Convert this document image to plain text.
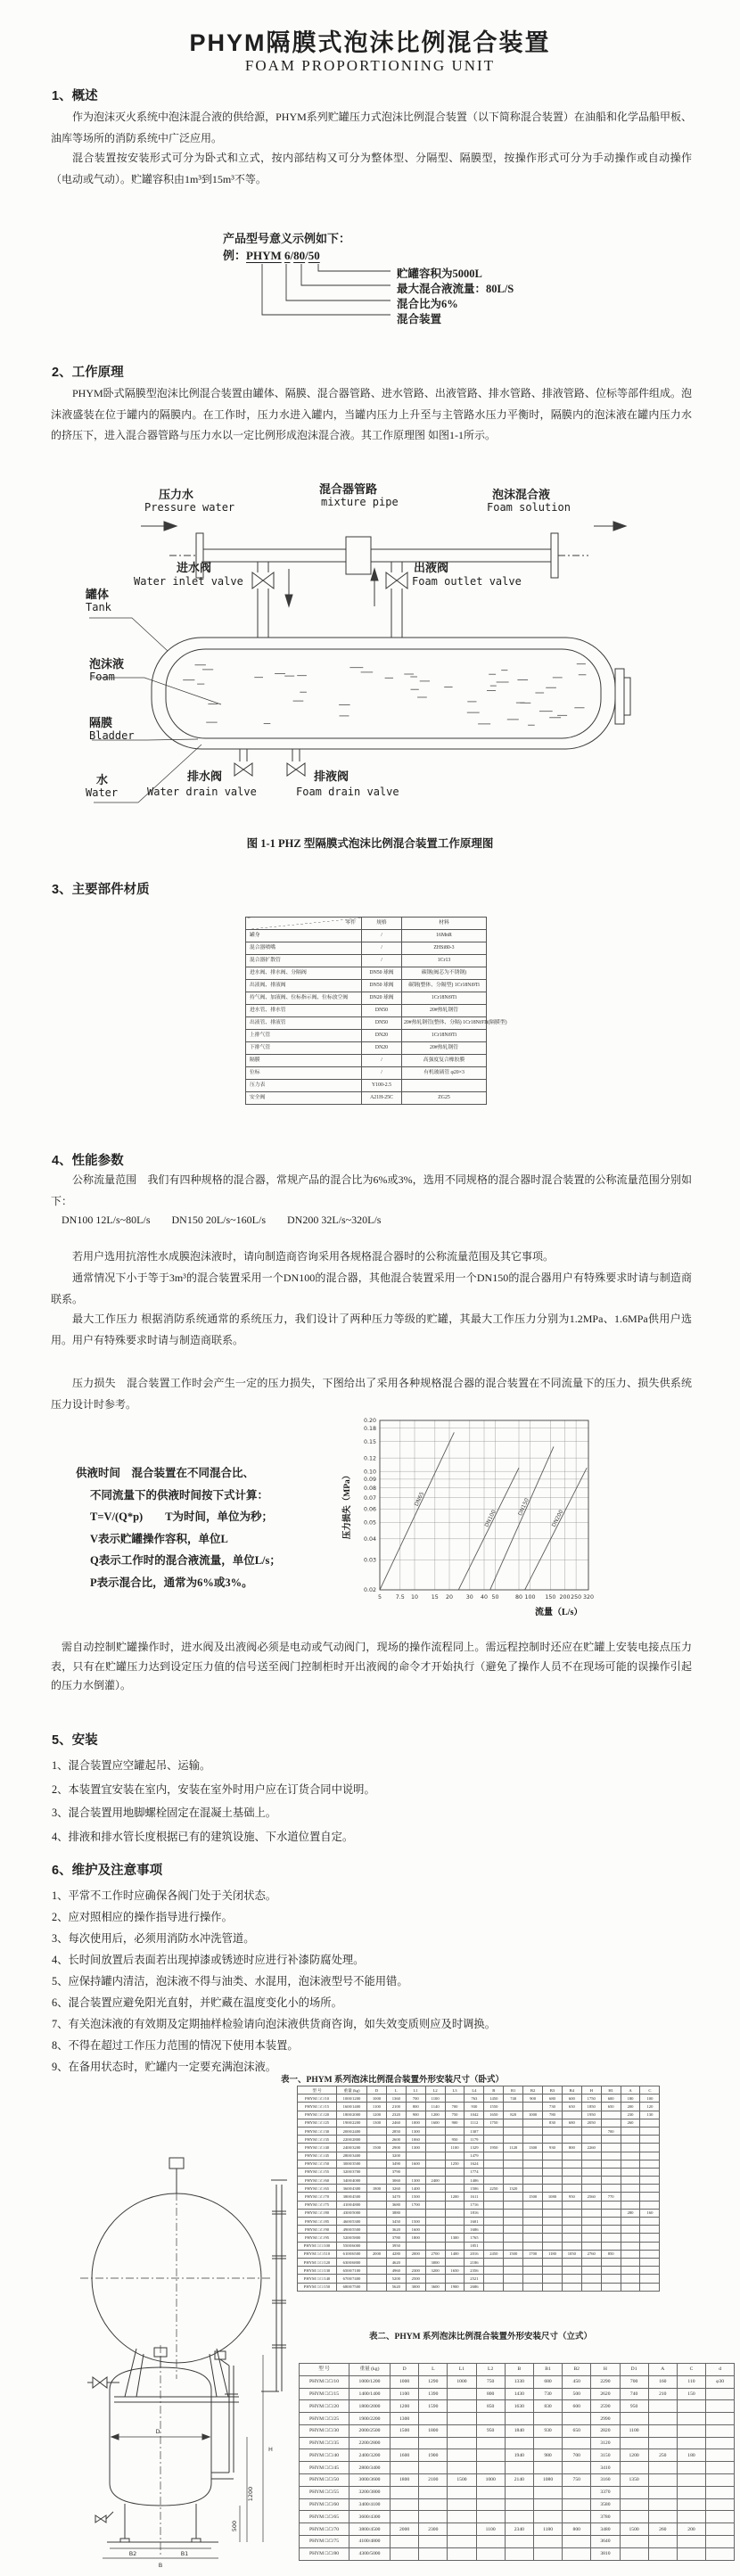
PHYM隔膜式泡沫比例混合装置
FOAM PROPORTIONING UNIT
1、概述
作为泡沫灭火系统中泡沫混合液的供给源，PHYM系列贮罐压力式泡沫比例混合装置（以下简称混合装置）在油船和化学品船甲板、油库等场所的消防系统中广泛应用。
混合装置按安装形式可分为卧式和立式，按内部结构又可分为整体型、分隔型、隔膜型，按操作形式可分为手动操作或自动操作（电动或气动）。贮罐容积由1m³到15m³不等。
产品型号意义示例如下：
例：PHYM 6/80/50
贮罐容积为5000L
最大混合液流量：80L/S
混合比为6%
混合装置
2、工作原理
PHYM卧式隔膜型泡沫比例混合装置由罐体、隔膜、混合器管路、进水管路、出液管路、排水管路、排液管路、位标等部件组成。泡沫液盛装在位于罐内的隔膜内。在工作时，压力水进入罐内，当罐内压力上升至与主管路水压力平衡时，隔膜内的泡沫液在罐内压力水的挤压下，进入混合器管路与压力水以一定比例形成泡沫混合液。其工作原理图 如图1-1所示。
压力水
Pressure water
混合器管路
mixture pipe
泡沫混合液
Foam solution
进水阀
Water inlet valve
出液阀
Foam outlet valve
罐体
Tank
泡沫液
Foam
隔膜
Bladder
水
Water
排水阀
Water drain valve
排液阀
Foam drain valve
图 1-1 PHZ 型隔膜式泡沫比例混合装置工作原理图
3、主要部件材质
零件	规格	材料
罐身	/	16MnR
混合器喷嘴	/	ZHSi80-3
混合器扩散管	/	1Cr13
进水阀、排水阀、分隔阀	DN50 球阀	碳钢(阀芯为不锈钢)
出液阀、排液阀	DN50 球阀	碳钢(整体、分隔型) 1Cr18Ni9Ti
持气阀、加液阀、位标指示阀、位标放空阀	DN20 球阀	1Cr18Ni9Ti
进水管、排水管	DN50	20#热轧钢管
出液管、排液管	DN50	20#热轧钢管(整体、分隔) 1Cr18Ni9Ti(隔膜型)
上排气管	DN20	1Cr18Ni9Ti
下排气管	DN20	20#热轧钢管
隔膜	/	高强度复合橡胶膜
位标	/	有机玻璃管 φ20×3
压力表	Y100-2.5	
安全阀	A21H-25C	ZG25
4、性能参数
公称流量范围　我们有四种规格的混合器，常规产品的混合比为6%或3%，选用不同规格的混合器时混合装置的公称流量范围分别如下：
DN100 12L/s~80L/s　　DN150 20L/s~160L/s　　DN200 32L/s~320L/s
若用户选用抗溶性水成膜泡沫液时，请向制造商咨询采用各规格混合器时的公称流量范围及其它事项。
通常情况下小于等于3m³的混合装置采用一个DN100的混合器，其他混合装置采用一个DN150的混合器用户有特殊要求时请与制造商联系。
最大工作压力 根据消防系统通常的系统压力，我们设计了两种压力等级的贮罐，其最大工作压力分别为1.2MPa、1.6MPa供用户选用。用户有特殊要求时请与制造商联系。
压力损失　混合装置工作时会产生一定的压力损失，下图给出了采用各种规格混合器的混合装置在不同流量下的压力、损失供系统压力设计时参考。
供液时间　混合装置在不同混合比、
不同流量下的供液时间按下式计算：
T=V/(Q*p)　　T为时间，单位为秒；
V表示贮罐操作容积，单位L
Q表示工作时的混合液流量，单位L/s；
P表示混合比，通常为6%或3%。
5	7.5 10 15 20 30 40 50	80 100 150 200 250 320
0.02
0.03
0.04
0.05
0.06
0.07
0.08
0.09
0.10
0.12
0.15
0.18
0.20
DN65
DN100
DN150
DN200
流量（L/s）
压力损失（MPa）
需自动控制贮罐操作时，进水阀及出液阀必须是电动或气动阀门，现场的操作流程同上。需远程控制时还应在贮罐上安装电接点压力表，只有在贮罐压力达到设定压力值的信号送至阀门控制柜时开出液阀的命令才开始执行（避免了操作人员不在现场可能的误操作引起的压力水倒灌）。
5、安装
1、混合装置应空罐起吊、运输。
2、本装置宜安装在室内，安装在室外时用户应在订货合同中说明。
3、混合装置用地脚螺栓固定在混凝土基础上。
4、排液和排水管长度根据已有的建筑设施、下水道位置自定。
6、维护及注意事项
1、平常不工作时应确保各阀门处于关闭状态。
2、应对照相应的操作指导进行操作。
3、每次使用后，必须用消防水冲洗管道。
4、长时间放置后表面若出现掉漆或锈迹时应进行补漆防腐处理。
5、应保持罐内清洁，泡沫液不得与油类、水混用，泡沫液型号不能用错。
6、混合装置应避免阳光直射，并贮藏在温度变化小的场所。
7、有关泡沫液的有效期及定期抽样检验请向泡沫液供货商咨询，如失效变质则应及时调换。
8、不得在超过工作压力范围的情况下使用本装置。
9、在备用状态时，贮罐内一定要充满泡沫液。
表一、PHYM 系列泡沫比例混合装置外形安装尺寸（卧式）
型 号	重量 (kg)	D	L	L1	L2	L3	L4	B	B1	B2	B3	B4	H	H1	A	C
PHYM □/□/10	1000/1200	1000	1360	700	1100		763	1450	740	900	680	600	1750	600	180	100
PHYM □/□/15	1600/1400	1100	2100	800	1140	700	930	1550			730	650	1850	650	200	120
PHYM □/□/20	1800/2000	1200	2320	900	1200	750	1042	1650	820	1000	780		1950		230	130
PHYM □/□/25	1900/2200	1300	2460	1000	1600	900	1112	1750			830	680	2050		260	
PHYM □/□/30	2000/2400		2850	1300			1307							700		
PHYM □/□/35	2200/2800		2600	1060		950	1179									
PHYM □/□/40	2400/3200	1500	2900	1300		1100	1329	1950	1120	1300	930	800	2260			
PHYM □/□/45	2800/3400		3200				1479									
PHYM □/□/50	3000/3500		3490	1600		1250	1624									
PHYM □/□/55	3200/3700		3790				1774									
PHYM □/□/60	3400/4000		3060	1300	2400		1406									
PHYM □/□/65	3600/4300	1800	3260	1400			1506	2250	1320							
PHYM □/□/70	3800/4500		3470	1500		1200	1611			1500	1080	950	2560	770		
PHYM □/□/75	4100/4800		3680	1700			1716									
PHYM □/□/80	4300/5000		3880				1816								280	160
PHYM □/□/85	4600/5300		3450	1500			1601									
PHYM □/□/90	4900/5500		3620	1600			1686									
PHYM □/□/95	5200/5800		3780	1800		1300	1765									
PHYM □/□/100	5500/6000		3950				1851									
PHYM □/□/110	6100/6500	2000	4280	2000	2700	1400	2016	2450	1500	1700	1180	1050	2760	850		
PHYM □/□/120	6300/6800		4620		3000		2186									
PHYM □/□/130	6500/7100		4960	2300	3200	1650	2356									
PHYM □/□/140	6700/7400		5200	2500			2521									
PHYM □/□/150	6800/7500		5620	3000	3600	1900	2686									
表二、PHYM 系列泡沫比例混合装置外形安装尺寸（立式）
D
H
1200
500
B2	B1
B
型 号	重量 (kg)	D	L	L1	L2	B	B1	B2	H	D1	A	C	d
PHYM □/□/10	1000/1200	1000	1290	1000	750	1330	680	450	2290	700	160	110	φ30
PHYM □/□/15	1400/1400	1100	1390		800	1430	730	500	2620	740	210	150	
PHYM □/□/20	1800/2000	1200	1590		850	1630	830	600	2590	950			
PHYM □/□/25	1900/2200	1300							2990				
PHYM □/□/30	2000/2500	1500	1800		950	1840	930	650	2820	1100			
PHYM □/□/35	2200/2800								3120				
PHYM □/□/40	2400/3200	1600	1900			1940	980	700	3150	1200	250	180	
PHYM □/□/45	2800/3400								3410				
PHYM □/□/50	3000/3600	1800	2100	1500	1000	2140	1080	750	3160	1350			
PHYM □/□/55	3200/3800								3370				
PHYM □/□/60	3400/4100								3580				
PHYM □/□/65	3600/4300								3780				
PHYM □/□/70	3800/4500	2000	2300		1100	2340	1180	800	3480	1500	260	200	
PHYM □/□/75	4100/4800								3640				
PHYM □/□/80	4300/5000								3810				
